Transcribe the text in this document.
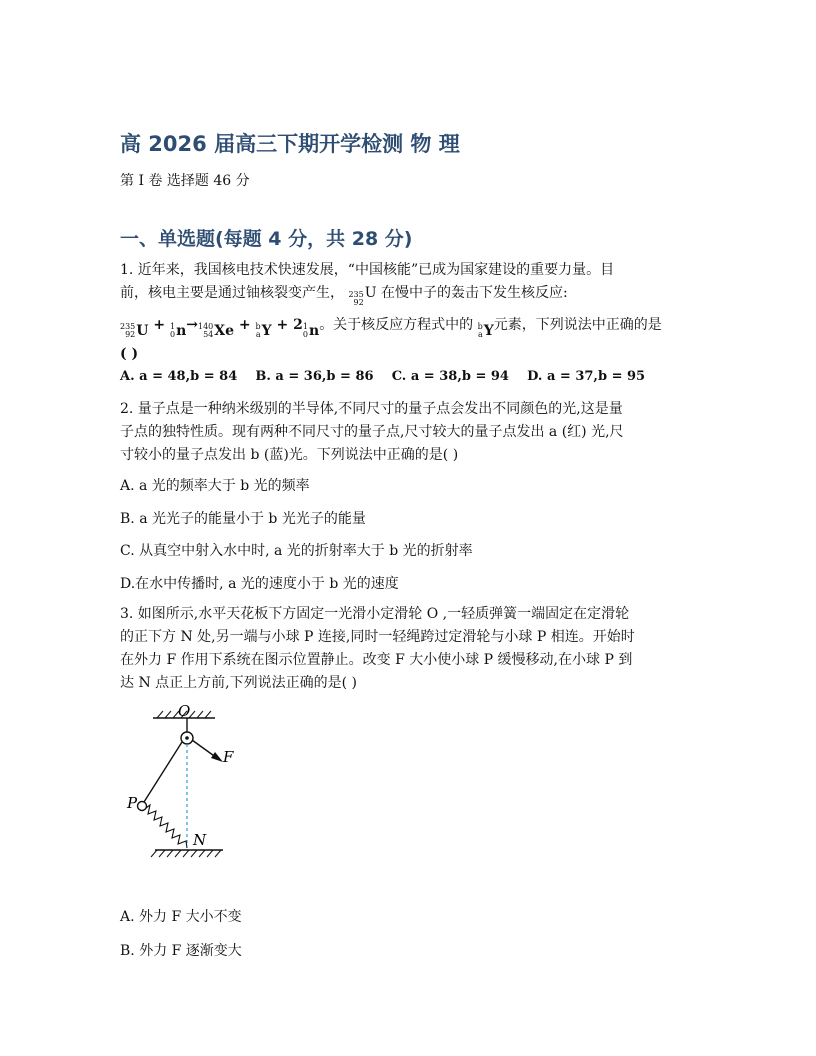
高 2026 届高三下期开学检测 物 理
第 I 卷 选择题 46 分
一、单选题(每题 4 分，共 28 分)
1. 近年来，我国核电技术快速发展，“中国核能”已成为国家建设的重要力量。目
前，核电主要是通过铀核裂变产生， 235
92
U 在慢中子的轰击下发生核反应:
235
92 U + 1
0 n → 140
54 Xe + b
a Y + 2 1
0 n 。关于核反应方程式中的 b
a Y 元素，下列说法中正确的是
( )
A. a = 48,b = 84 B. a = 36,b = 86 C. a = 38,b = 94 D. a = 37,b = 95
2. 量子点是一种纳米级别的半导体,不同尺寸的量子点会发出不同颜色的光,这是量
子点的独特性质。现有两种不同尺寸的量子点,尺寸较大的量子点发出 a (红) 光,尺
寸较小的量子点发出 b (蓝)光。下列说法中正确的是( )
A. a 光的频率大于 b 光的频率
B. a 光光子的能量小于 b 光光子的能量
C. 从真空中射入水中时, a 光的折射率大于 b 光的折射率
D.在水中传播时, a 光的速度小于 b 光的速度
3. 如图所示,水平天花板下方固定一光滑小定滑轮 O ,一轻质弹簧一端固定在定滑轮
的正下方 N 处,另一端与小球 P 连接,同时一轻绳跨过定滑轮与小球 P 相连。开始时
在外力 F 作用下系统在图示位置静止。改变 F 大小使小球 P 缓慢移动,在小球 P 到
达 N 点正上方前,下列说法正确的是( )
O
F
P
N
A. 外力 F 大小不变
B. 外力 F 逐渐变大
